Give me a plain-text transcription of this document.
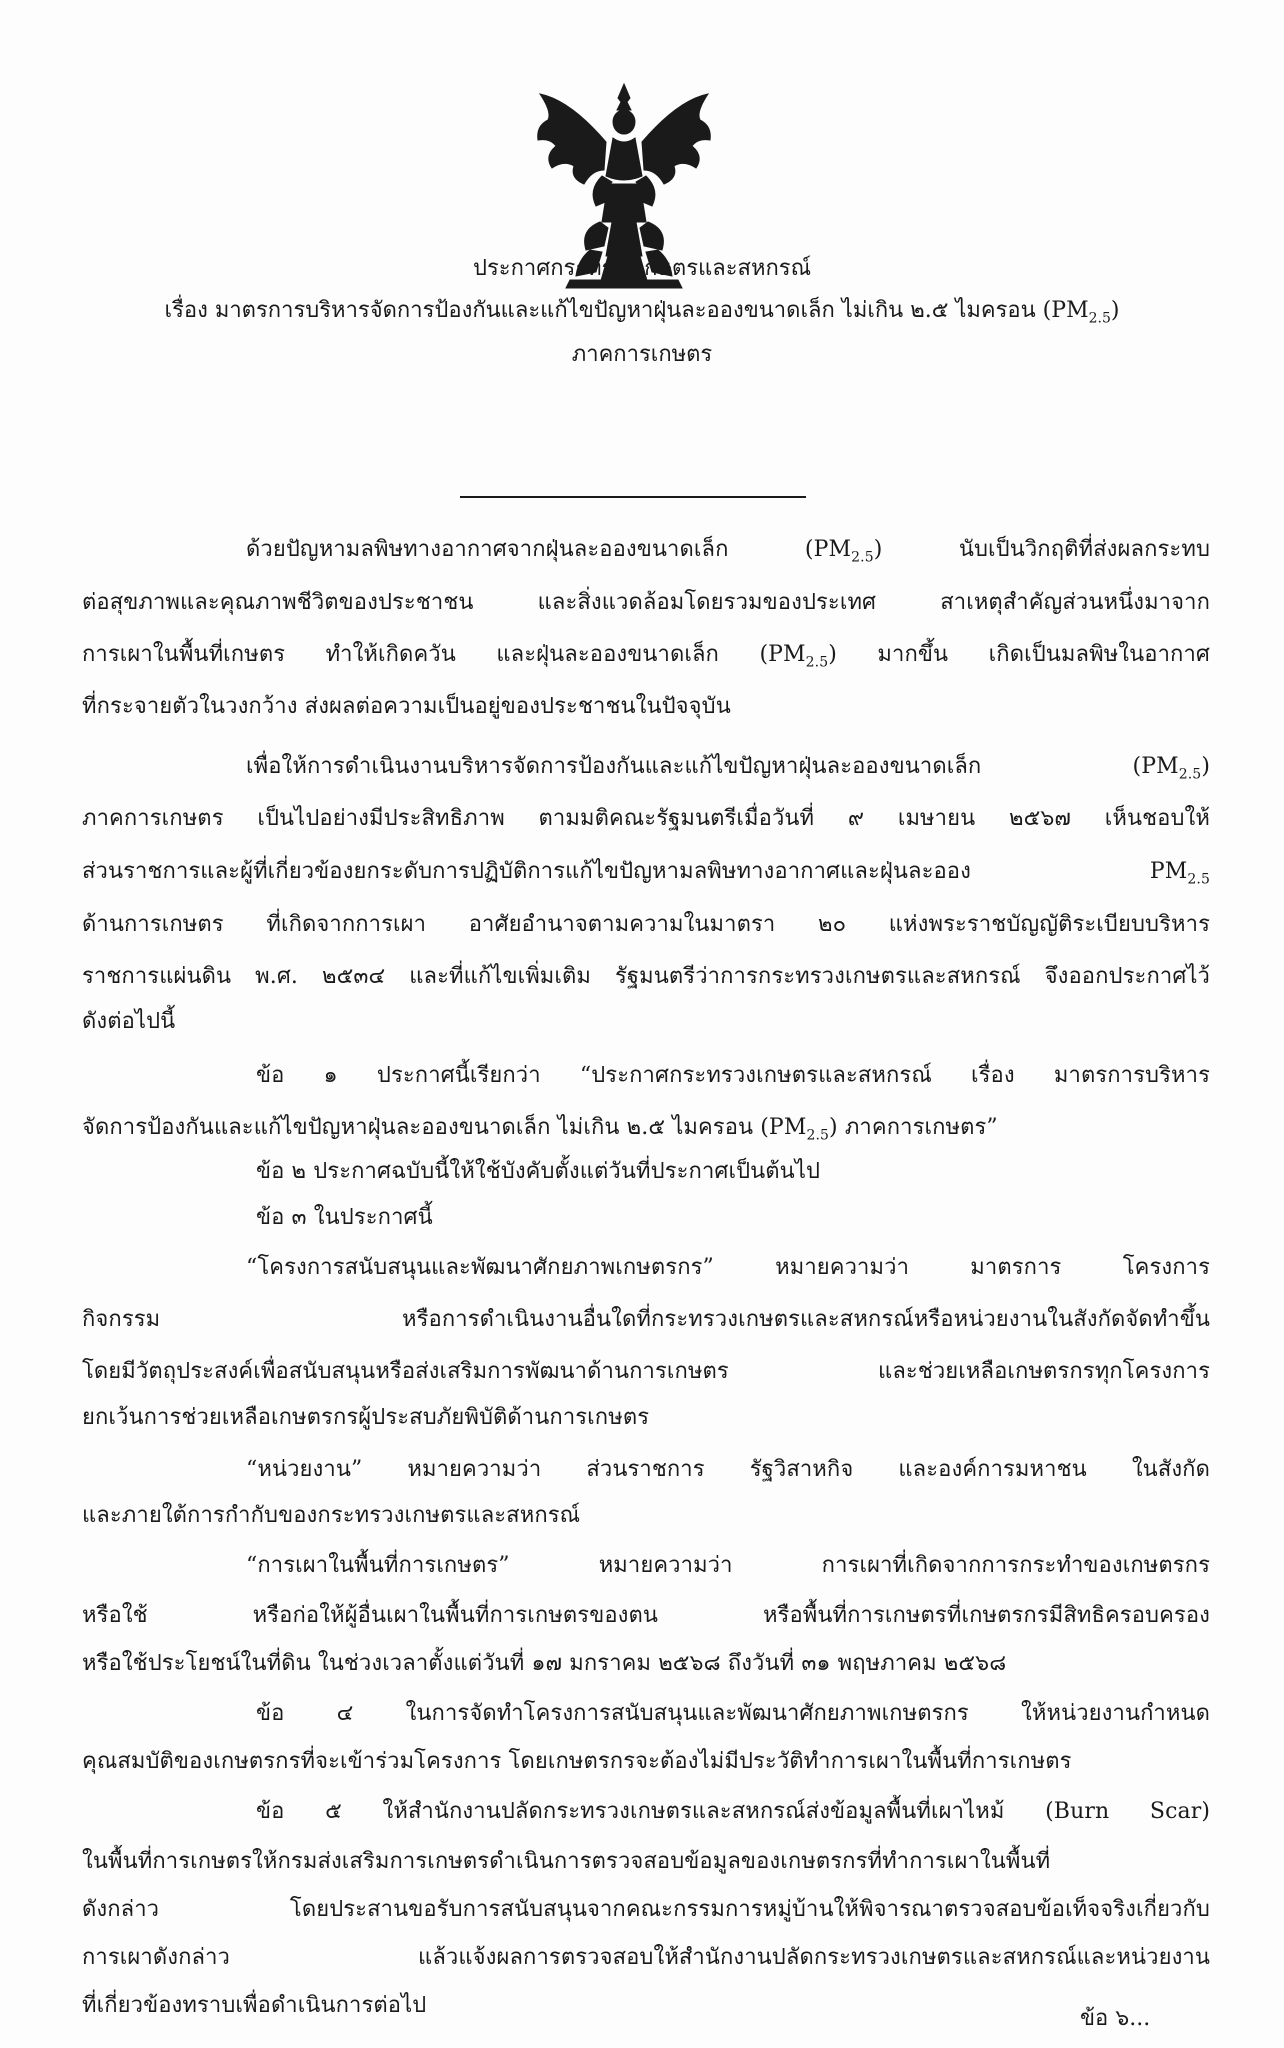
ประกาศกระทรวงเกษตรและสหกรณ์
เรื่อง มาตรการบริหารจัดการป้องกันและแก้ไขปัญหาฝุ่นละอองขนาดเล็ก ไม่เกิน ๒.๕ ไมครอน $(PM_{2.5})$
ภาคการเกษตร
ด้วยปัญหามลพิษทางอากาศจากฝุ่นละอองขนาดเล็ก $(PM_{2.5})$ นับเป็นวิกฤติที่ส่งผลกระทบ
ต่อสุขภาพและคุณภาพชีวิตของประชาชน และสิ่งแวดล้อมโดยรวมของประเทศ สาเหตุสำคัญส่วนหนึ่งมาจาก
การเผาในพื้นที่เกษตร ทำให้เกิดควัน และฝุ่นละอองขนาดเล็ก $(PM_{2.5})$ มากขึ้น เกิดเป็นมลพิษในอากาศ
ที่กระจายตัวในวงกว้าง ส่งผลต่อความเป็นอยู่ของประชาชนในปัจจุบัน
เพื่อให้การดำเนินงานบริหารจัดการป้องกันและแก้ไขปัญหาฝุ่นละอองขนาดเล็ก $(PM_{2.5})$
ภาคการเกษตร เป็นไปอย่างมีประสิทธิภาพ ตามมติคณะรัฐมนตรีเมื่อวันที่ ๙ เมษายน ๒๕๖๗ เห็นชอบให้
ส่วนราชการและผู้ที่เกี่ยวข้องยกระดับการปฏิบัติการแก้ไขปัญหามลพิษทางอากาศและฝุ่นละออง $PM_{2.5}$
ด้านการเกษตร ที่เกิดจากการเผา อาศัยอำนาจตามความในมาตรา ๒๐ แห่งพระราชบัญญัติระเบียบบริหาร
ราชการแผ่นดิน พ.ศ. ๒๕๓๔ และที่แก้ไขเพิ่มเติม รัฐมนตรีว่าการกระทรวงเกษตรและสหกรณ์ จึงออกประกาศไว้
ดังต่อไปนี้
ข้อ ๑ ประกาศนี้เรียกว่า “ประกาศกระทรวงเกษตรและสหกรณ์ เรื่อง มาตรการบริหาร
จัดการป้องกันและแก้ไขปัญหาฝุ่นละอองขนาดเล็ก ไม่เกิน ๒.๕ ไมครอน $(PM_{2.5})$ ภาคการเกษตร”
ข้อ ๒ ประกาศฉบับนี้ให้ใช้บังคับตั้งแต่วันที่ประกาศเป็นต้นไป
ข้อ ๓ ในประกาศนี้
“โครงการสนับสนุนและพัฒนาศักยภาพเกษตรกร” หมายความว่า มาตรการ โครงการ
กิจกรรม หรือการดำเนินงานอื่นใดที่กระทรวงเกษตรและสหกรณ์หรือหน่วยงานในสังกัดจัดทำขึ้น
โดยมีวัตถุประสงค์เพื่อสนับสนุนหรือส่งเสริมการพัฒนาด้านการเกษตร และช่วยเหลือเกษตรกรทุกโครงการ
ยกเว้นการช่วยเหลือเกษตรกรผู้ประสบภัยพิบัติด้านการเกษตร
“หน่วยงาน” หมายความว่า ส่วนราชการ รัฐวิสาหกิจ และองค์การมหาชน ในสังกัด
และภายใต้การกำกับของกระทรวงเกษตรและสหกรณ์
“การเผาในพื้นที่การเกษตร” หมายความว่า การเผาที่เกิดจากการกระทำของเกษตรกร
หรือใช้ หรือก่อให้ผู้อื่นเผาในพื้นที่การเกษตรของตน หรือพื้นที่การเกษตรที่เกษตรกรมีสิทธิครอบครอง
หรือใช้ประโยชน์ในที่ดิน ในช่วงเวลาตั้งแต่วันที่ ๑๗ มกราคม ๒๕๖๘ ถึงวันที่ ๓๑ พฤษภาคม ๒๕๖๘
ข้อ ๔ ในการจัดทำโครงการสนับสนุนและพัฒนาศักยภาพเกษตรกร ให้หน่วยงานกำหนด
คุณสมบัติของเกษตรกรที่จะเข้าร่วมโครงการ โดยเกษตรกรจะต้องไม่มีประวัติทำการเผาในพื้นที่การเกษตร
ข้อ ๕ ให้สำนักงานปลัดกระทรวงเกษตรและสหกรณ์ส่งข้อมูลพื้นที่เผาไหม้ (Burn Scar)
ในพื้นที่การเกษตรให้กรมส่งเสริมการเกษตรดำเนินการตรวจสอบข้อมูลของเกษตรกรที่ทำการเผาในพื้นที่
ดังกล่าว โดยประสานขอรับการสนับสนุนจากคณะกรรมการหมู่บ้านให้พิจารณาตรวจสอบข้อเท็จจริงเกี่ยวกับ
การเผาดังกล่าว แล้วแจ้งผลการตรวจสอบให้สำนักงานปลัดกระทรวงเกษตรและสหกรณ์และหน่วยงาน
ที่เกี่ยวข้องทราบเพื่อดำเนินการต่อไป
ข้อ ๖...
